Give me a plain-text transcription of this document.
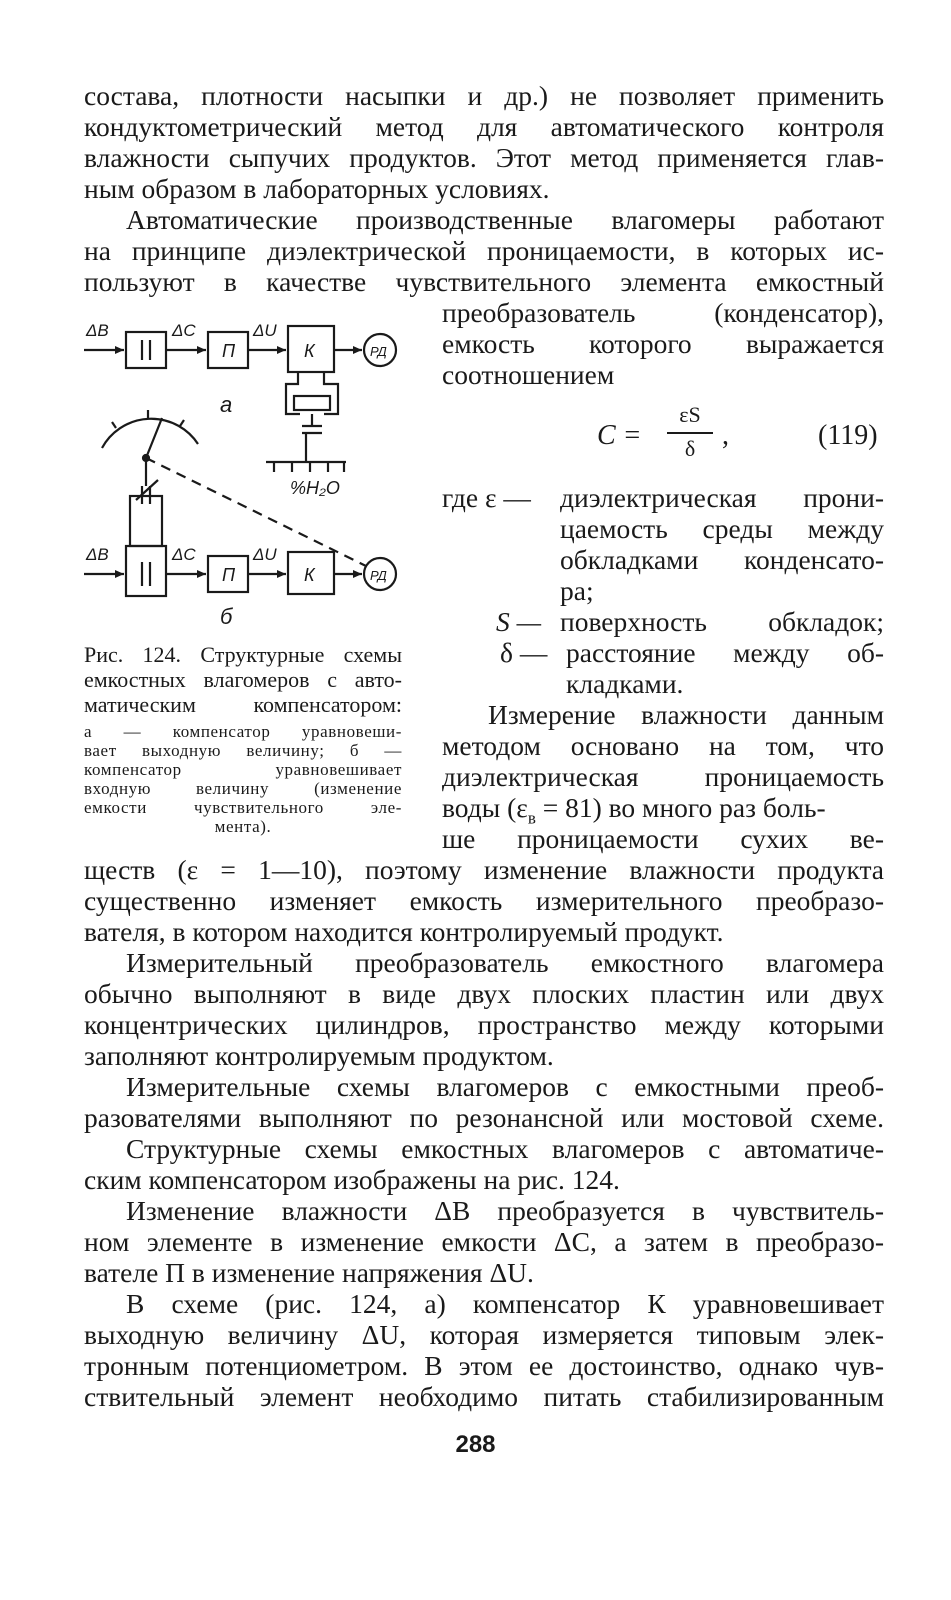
состава, плотности насыпки и др.) не позволяет применить
кондуктометрический метод для автоматического контроля
влажности сыпучих продуктов. Этот метод применяется глав-
ным образом в лабораторных условиях.
Автоматические производственные влагомеры работают
на принципе диэлектрической проницаемости, в которых ис-
пользуют в качестве чувствительного элемента емкостный
преобразователь (конденсатор),
емкость которого выражается
соотношением
C =
εS
δ ,	(119)
где ε — диэлектрическая прони-
цаемость среды между
обкладками конденсато-
ра;
S — поверхность обкладок;
δ — расстояние между об-
кладками.
Измерение влажности данным
методом основано на том, что
диэлектрическая проницаемость
воды $(\varepsilon_в = 81)$ во много раз боль-
ше проницаемости сухих ве-
ществ (ε = 1—10), поэтому изменение влажности продукта
существенно изменяет емкость измерительного преобразо-
вателя, в котором находится контролируемый продукт.
Измерительный преобразователь емкостного влагомера
обычно выполняют в виде двух плоских пластин или двух
концентрических цилиндров, пространство между которыми
заполняют контролируемым продуктом.
Измерительные схемы влагомеров с емкостными преоб-
разователями выполняют по резонансной или мостовой схеме.
Структурные схемы емкостных влагомеров с автоматиче-
ским компенсатором изображены на рис. 124.
Изменение влажности ΔB преобразуется в чувствитель-
ном элементе в изменение емкости ΔC, а затем в преобразо-
вателе П в изменение напряжения ΔU.
В схеме (рис. 124, а) компенсатор К уравновешивает
выходную величину ΔU, которая измеряется типовым элек-
тронным потенциометром. В этом ее достоинство, однако чув-
ствительный элемент необходимо питать стабилизированным
ΔB	ΔC	ΔU
П	К	РД
а
%H₂O
ΔB	ΔC	ΔU
П	К	РД
б
Рис. 124. Структурные схемы
емкостных влагомеров с авто-
матическим компенсатором:
а — компенсатор уравновеши-
вает выходную величину; б —
компенсатор уравновешивает
входную величину (изменение
емкости чувствительного эле-
мента).
288
